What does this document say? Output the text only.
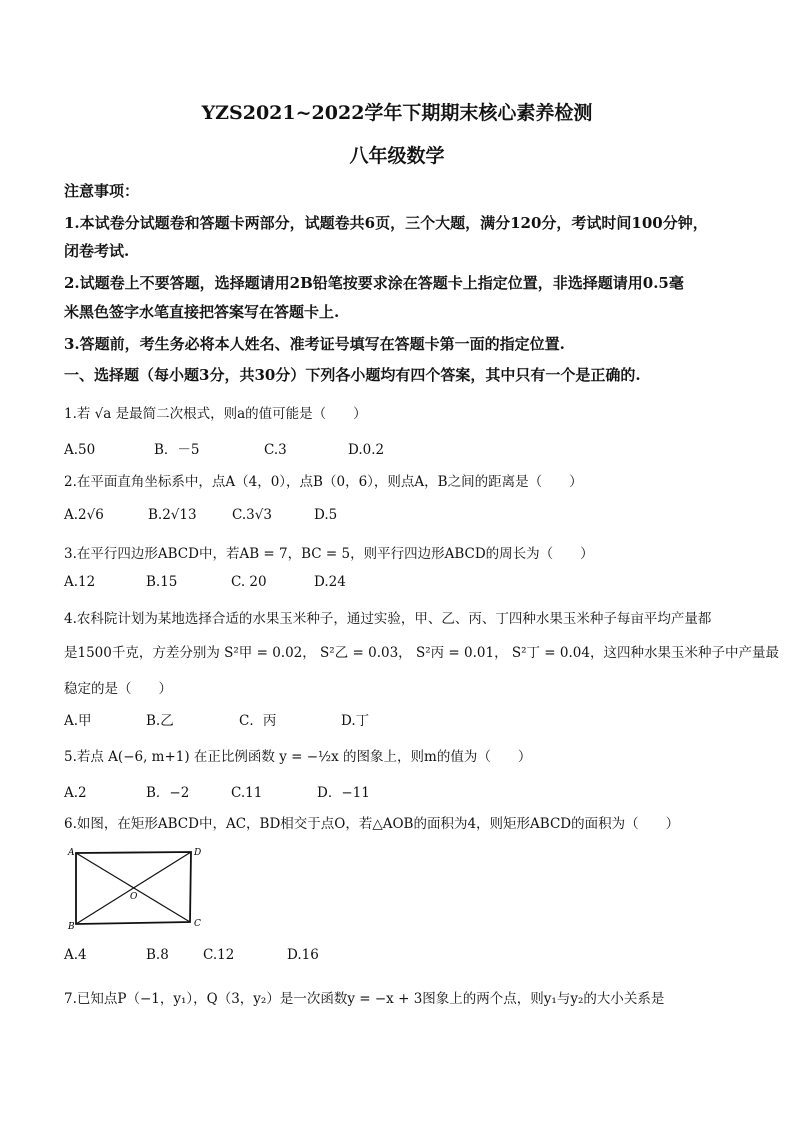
YZS2021~2022学年下期期末核心素养检测
八年级数学
注意事项：
1.本试卷分试题卷和答题卡两部分，试题卷共6页，三个大题，满分120分，考试时间100分钟，
闭卷考试.
2.试题卷上不要答题，选择题请用2B铅笔按要求涂在答题卡上指定位置，非选择题请用0.5毫
米黑色签字水笔直接把答案写在答题卡上.
3.答题前，考生务必将本人姓名、准考证号填写在答题卡第一面的指定位置.
一、选择题（每小题3分，共30分）下列各小题均有四个答案，其中只有一个是正确的.
1.若 √a 是最简二次根式，则a的值可能是（　　）
A.50	B．－5	C.3	D.0.2
2.在平面直角坐标系中，点A（4，0），点B（0，6），则点A，B之间的距离是（　　）
A.2√6	B.2√13	C.3√3	D.5
3.在平行四边形ABCD中，若AB = 7，BC = 5，则平行四边形ABCD的周长为（　　）
A.12	B.15	C. 20	D.24
4.农科院计划为某地选择合适的水果玉米种子，通过实验，甲、乙、丙、丁四种水果玉米种子每亩平均产量都
是1500千克，方差分别为 S²甲 = 0.02， S²乙 = 0.03， S²丙 = 0.01， S²丁 = 0.04，这四种水果玉米种子中产量最
稳定的是（　　）
A.甲	B.乙	C．丙	D.丁
5.若点 A(−6, m+1) 在正比例函数 y = −½x 的图象上，则m的值为（　　）
A.2	B．−2	C.11	D．−11
6.如图，在矩形ABCD中，AC，BD相交于点O，若△AOB的面积为4，则矩形ABCD的面积为（　　）
A
B	C
D
O
A.4	B.8	C.12	D.16
7.已知点P（−1，y₁），Q（3，y₂）是一次函数y = −x + 3图象上的两个点，则y₁与y₂的大小关系是
